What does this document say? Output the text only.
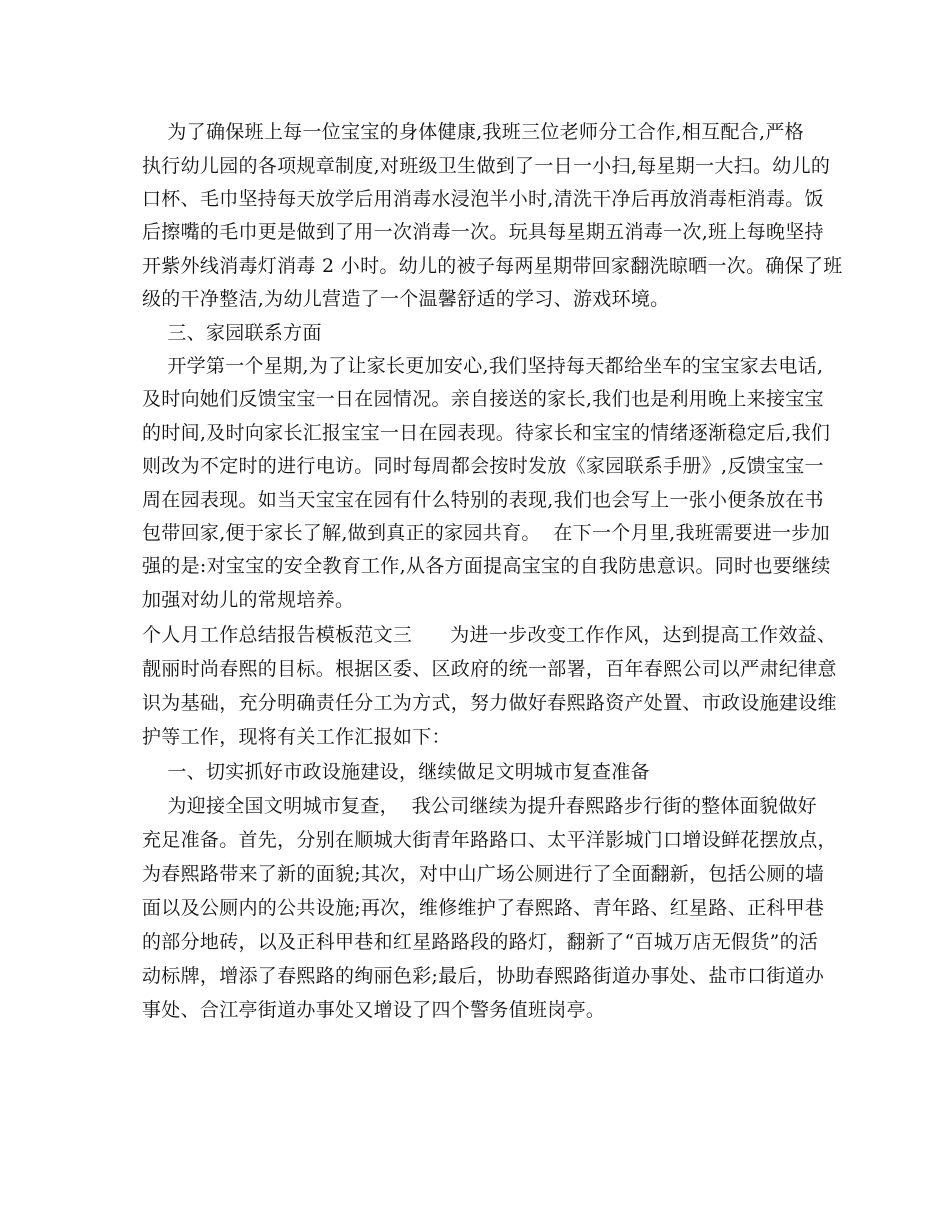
为了确保班上每一位宝宝的身体健康,我班三位老师分工合作,相互配合,严格
执行幼儿园的各项规章制度,对班级卫生做到了一日一小扫,每星期一大扫。幼儿的
口杯、毛巾坚持每天放学后用消毒水浸泡半小时,清洗干净后再放消毒柜消毒。饭
后擦嘴的毛巾更是做到了用一次消毒一次。玩具每星期五消毒一次,班上每晚坚持
开紫外线消毒灯消毒 2 小时。幼儿的被子每两星期带回家翻洗晾晒一次。确保了班
级的干净整洁,为幼儿营造了一个温馨舒适的学习、游戏环境。
三、家园联系方面
开学第一个星期,为了让家长更加安心,我们坚持每天都给坐车的宝宝家去电话,
及时向她们反馈宝宝一日在园情况。亲自接送的家长,我们也是利用晚上来接宝宝
的时间,及时向家长汇报宝宝一日在园表现。待家长和宝宝的情绪逐渐稳定后,我们
则改为不定时的进行电访。同时每周都会按时发放《家园联系手册》,反馈宝宝一
周在园表现。如当天宝宝在园有什么特别的表现,我们也会写上一张小便条放在书
包带回家,便于家长了解,做到真正的家园共育。  在下一个月里,我班需要进一步加
强的是:对宝宝的安全教育工作,从各方面提高宝宝的自我防患意识。同时也要继续
加强对幼儿的常规培养。
个人月工作总结报告模板范文三      为进一步改变工作作风，达到提高工作效益、
靓丽时尚春熙的目标。根据区委、区政府的统一部署，百年春熙公司以严肃纪律意
识为基础，充分明确责任分工为方式，努力做好春熙路资产处置、市政设施建设维
护等工作，现将有关工作汇报如下：
一、切实抓好市政设施建设，继续做足文明城市复查准备
为迎接全国文明城市复查，  我公司继续为提升春熙路步行街的整体面貌做好
充足准备。首先，分别在顺城大街青年路路口、太平洋影城门口增设鲜花摆放点，
为春熙路带来了新的面貌;其次，对中山广场公厕进行了全面翻新，包括公厕的墙
面以及公厕内的公共设施;再次，维修维护了春熙路、青年路、红星路、正科甲巷
的部分地砖，以及正科甲巷和红星路路段的路灯，翻新了“百城万店无假货”的活
动标牌，增添了春熙路的绚丽色彩;最后，协助春熙路街道办事处、盐市口街道办
事处、合江亭街道办事处又增设了四个警务值班岗亭。
